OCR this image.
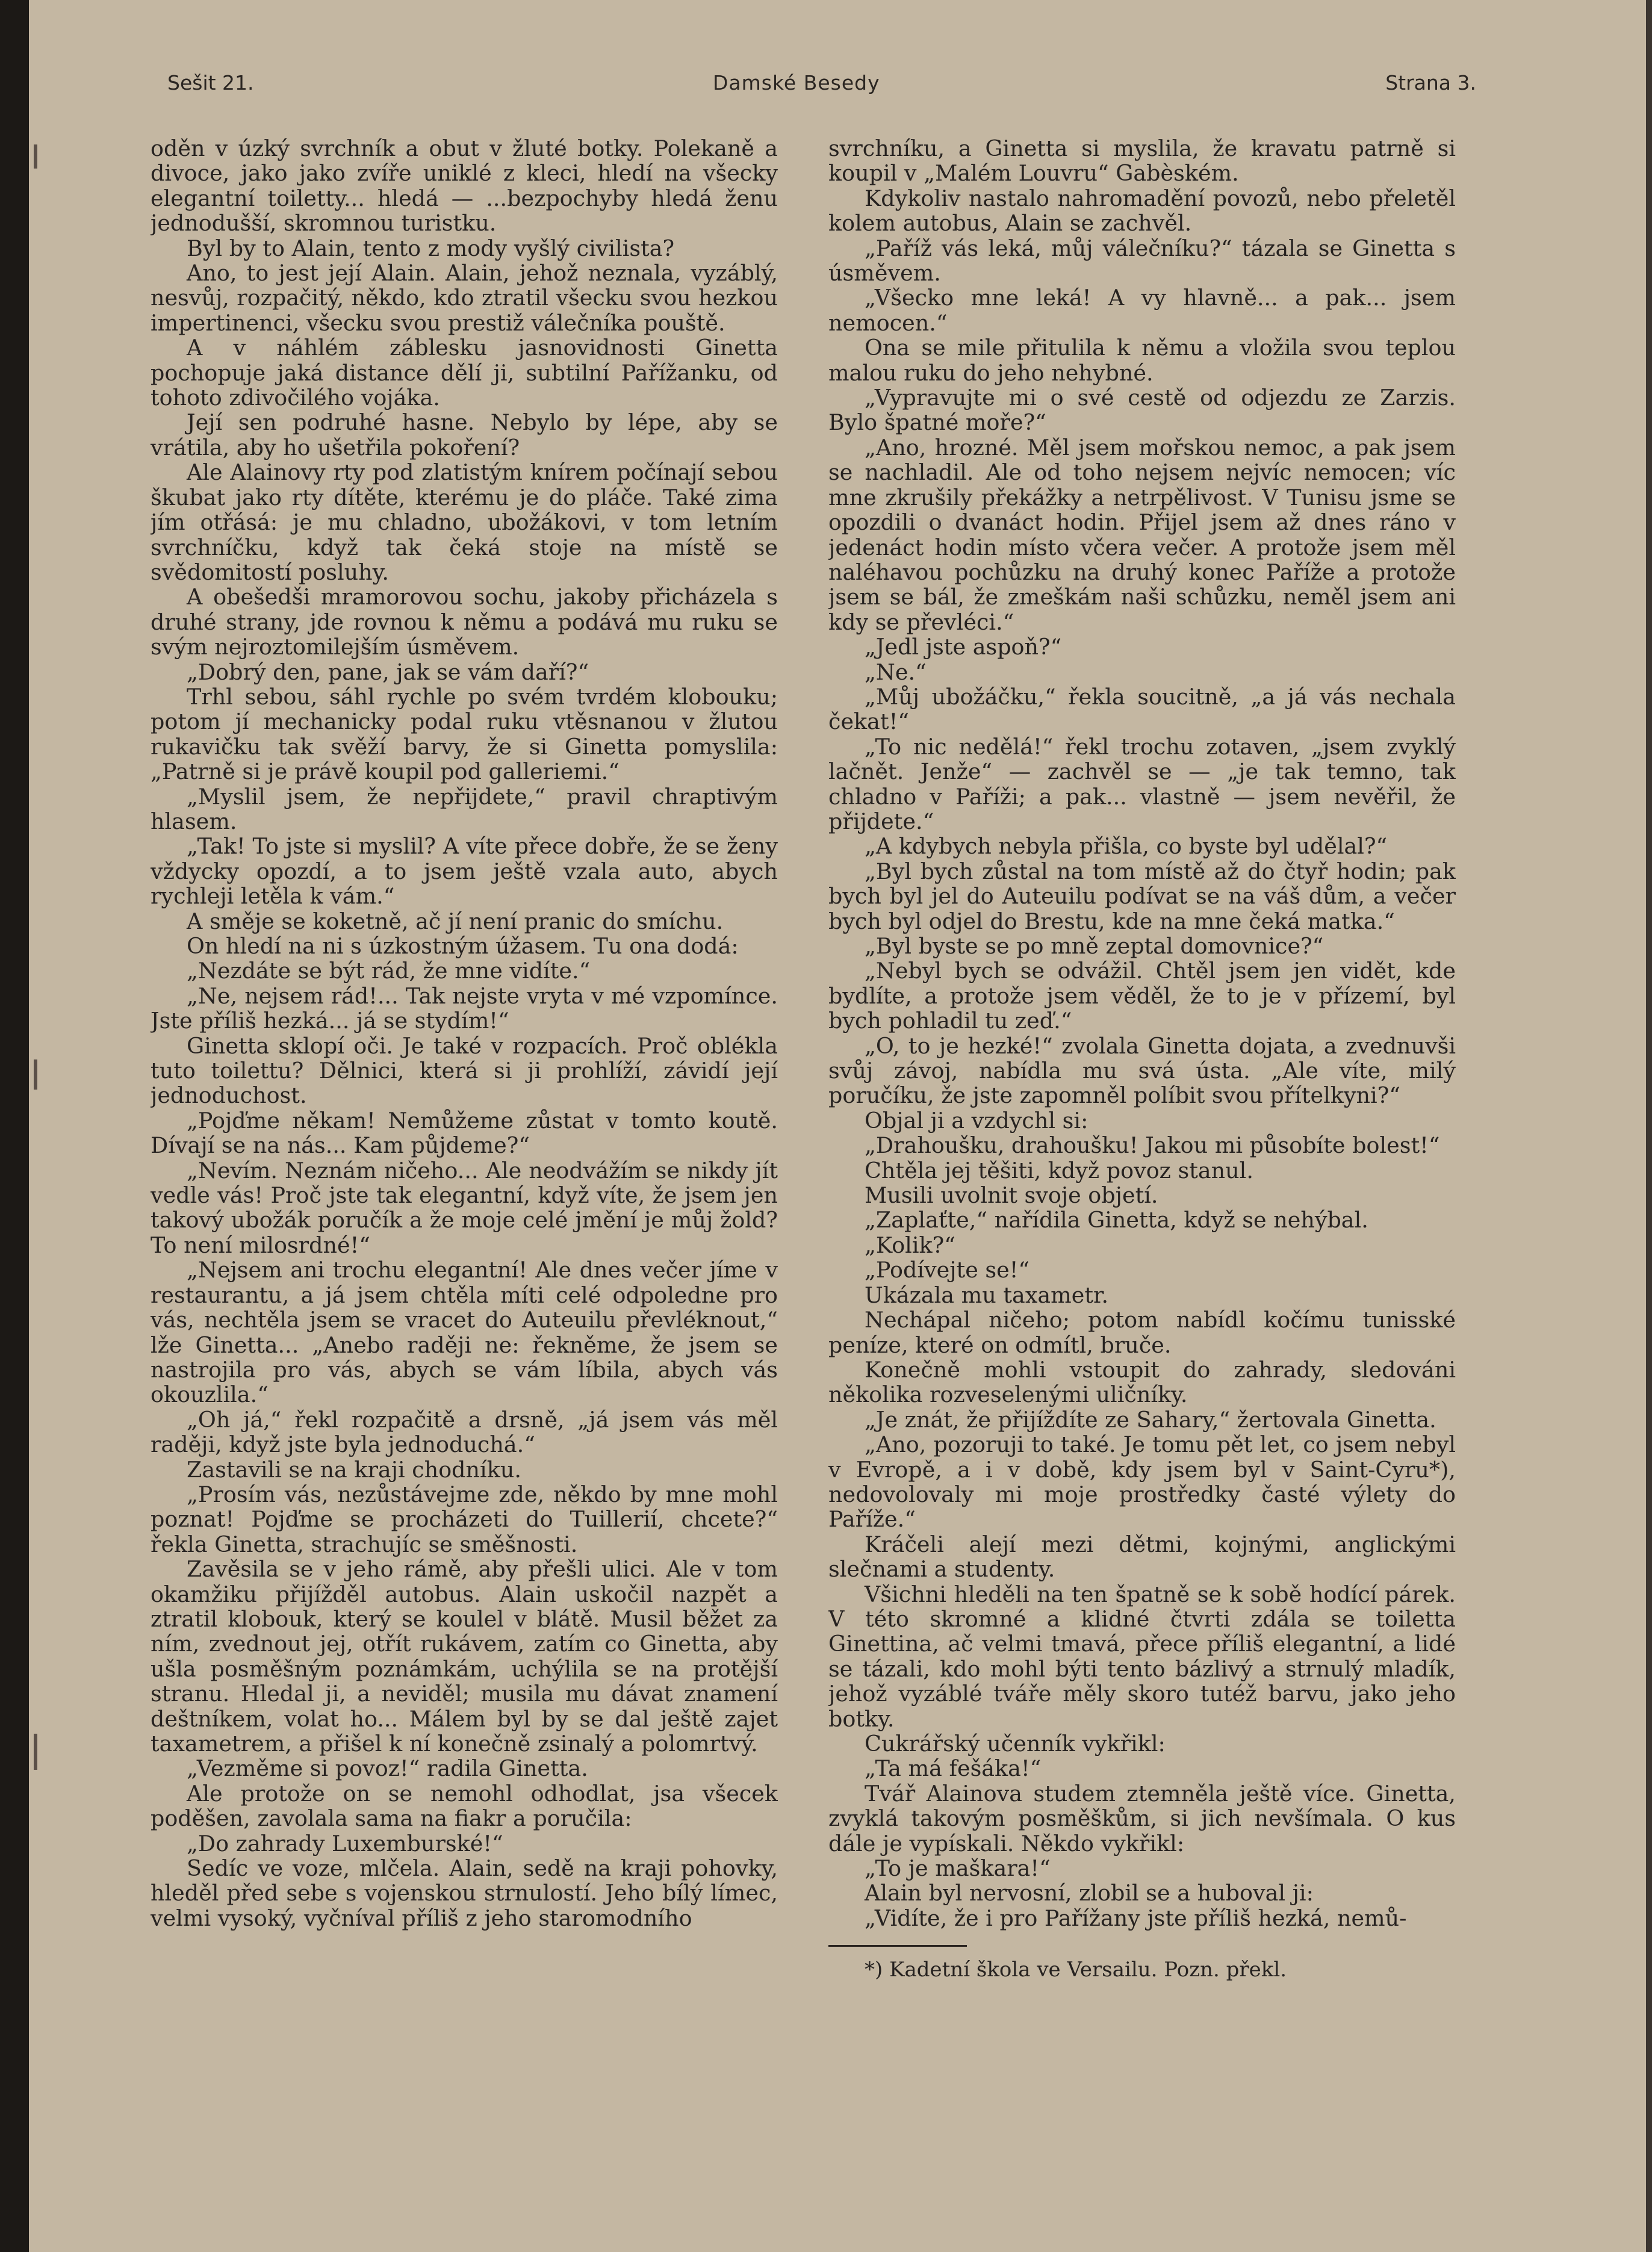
Sešit 21.	Damské Besedy	Strana 3.

oděn v úzký svrchník a obut v žluté botky. Polekaně a divoce, jako jako zvíře uniklé z kleci, hledí na všecky elegantní toiletty... hledá — ...bezpochyby hledá ženu jednodušší, skromnou turistku.

Byl by to Alain, tento z mody vyšlý civilista?

Ano, to jest její Alain. Alain, jehož neznala, vyzáblý, nesvůj, rozpačitý, někdo, kdo ztratil všecku svou hezkou impertinenci, všecku svou prestiž válečníka pouště.

A v náhlém záblesku jasnovidnosti Ginetta pochopuje jaká distance dělí ji, subtilní Pařížanku, od tohoto zdivočilého vojáka.

Její sen podruhé hasne. Nebylo by lépe, aby se vrátila, aby ho ušetřila pokoření?

Ale Alainovy rty pod zlatistým knírem počínají sebou škubat jako rty dítěte, kterému je do pláče. Také zima jím otřásá: je mu chladno, ubožákovi, v tom letním svrchníčku, když tak čeká stoje na místě se svědomitostí posluhy.

A obešedši mramorovou sochu, jakoby přicházela s druhé strany, jde rovnou k němu a podává mu ruku se svým nejroztomilejším úsměvem.

„Dobrý den, pane, jak se vám daří?“

Trhl sebou, sáhl rychle po svém tvrdém klobouku; potom jí mechanicky podal ruku vtěsnanou v žlutou rukavičku tak svěží barvy, že si Ginetta pomyslila: „Patrně si je právě koupil pod galleriemi.“

„Myslil jsem, že nepřijdete,“ pravil chraptivým hlasem.

„Tak! To jste si myslil? A víte přece dobře, že se ženy vždycky opozdí, a to jsem ještě vzala auto, abych rychleji letěla k vám.“

A směje se koketně, ač jí není pranic do smíchu.

On hledí na ni s úzkostným úžasem. Tu ona dodá:

„Nezdáte se být rád, že mne vidíte.“

„Ne, nejsem rád!... Tak nejste vryta v mé vzpomínce. Jste příliš hezká... já se stydím!“

Ginetta sklopí oči. Je také v rozpacích. Proč oblékla tuto toilettu? Dělnici, která si ji prohlíží, závidí její jednoduchost.

„Pojďme někam! Nemůžeme zůstat v tomto koutě. Dívají se na nás... Kam půjdeme?“

„Nevím. Neznám ničeho... Ale neodvážím se nikdy jít vedle vás! Proč jste tak elegantní, když víte, že jsem jen takový ubožák poručík a že moje celé jmění je můj žold? To není milosrdné!“

„Nejsem ani trochu elegantní! Ale dnes večer jíme v restaurantu, a já jsem chtěla míti celé odpoledne pro vás, nechtěla jsem se vracet do Auteuilu převléknout,“ lže Ginetta... „Anebo raději ne: řekněme, že jsem se nastrojila pro vás, abych se vám líbila, abych vás okouzlila.“

„Oh já,“ řekl rozpačitě a drsně, „já jsem vás měl raději, když jste byla jednoduchá.“

Zastavili se na kraji chodníku.

„Prosím vás, nezůstávejme zde, někdo by mne mohl poznat! Pojďme se procházeti do Tuillerií, chcete?“ řekla Ginetta, strachujíc se směšnosti.

Zavěsila se v jeho rámě, aby přešli ulici. Ale v tom okamžiku přijížděl autobus. Alain uskočil nazpět a ztratil klobouk, který se koulel v blátě. Musil běžet za ním, zvednout jej, otřít rukávem, zatím co Ginetta, aby ušla posměšným poznámkám, uchýlila se na protější stranu. Hledal ji, a neviděl; musila mu dávat znamení deštníkem, volat ho... Málem byl by se dal ještě zajet taxametrem, a přišel k ní konečně zsinalý a polomrtvý.

„Vezměme si povoz!“ radila Ginetta.

Ale protože on se nemohl odhodlat, jsa všecek poděšen, zavolala sama na fiakr a poručila:

„Do zahrady Luxemburské!“

Sedíc ve voze, mlčela. Alain, sedě na kraji pohovky, hleděl před sebe s vojenskou strnulostí. Jeho bílý límec, velmi vysoký, vyčníval příliš z jeho staromodního

svrchníku, a Ginetta si myslila, že kravatu patrně si koupil v „Malém Louvru“ Gabèském.

Kdykoliv nastalo nahromadění povozů, nebo přeletěl kolem autobus, Alain se zachvěl.

„Paříž vás leká, můj válečníku?“ tázala se Ginetta s úsměvem.

„Všecko mne leká! A vy hlavně... a pak... jsem nemocen.“

Ona se mile přitulila k němu a vložila svou teplou malou ruku do jeho nehybné.

„Vypravujte mi o své cestě od odjezdu ze Zarzis. Bylo špatné moře?“

„Ano, hrozné. Měl jsem mořskou nemoc, a pak jsem se nachladil. Ale od toho nejsem nejvíc nemocen; víc mne zkrušily překážky a netrpělivost. V Tunisu jsme se opozdili o dvanáct hodin. Přijel jsem až dnes ráno v jedenáct hodin místo včera večer. A protože jsem měl naléhavou pochůzku na druhý konec Paříže a protože jsem se bál, že zmeškám naši schůzku, neměl jsem ani kdy se převléci.“

„Jedl jste aspoň?“

„Ne.“

„Můj ubožáčku,“ řekla soucitně, „a já vás nechala čekat!“

„To nic nedělá!“ řekl trochu zotaven, „jsem zvyklý lačnět. Jenže“ — zachvěl se — „je tak temno, tak chladno v Paříži; a pak... vlastně — jsem nevěřil, že přijdete.“

„A kdybych nebyla přišla, co byste byl udělal?“

„Byl bych zůstal na tom místě až do čtyř hodin; pak bych byl jel do Auteuilu podívat se na váš dům, a večer bych byl odjel do Brestu, kde na mne čeká matka.“

„Byl byste se po mně zeptal domovnice?“

„Nebyl bych se odvážil. Chtěl jsem jen vidět, kde bydlíte, a protože jsem věděl, že to je v přízemí, byl bych pohladil tu zeď.“

„O, to je hezké!“ zvolala Ginetta dojata, a zvednuvši svůj závoj, nabídla mu svá ústa. „Ale víte, milý poručíku, že jste zapomněl políbit svou přítelkyni?“

Objal ji a vzdychl si:

„Drahoušku, drahoušku! Jakou mi působíte bolest!“

Chtěla jej těšiti, když povoz stanul.

Musili uvolnit svoje objetí.

„Zaplaťte,“ nařídila Ginetta, když se nehýbal.

„Kolik?“

„Podívejte se!“

Ukázala mu taxametr.

Nechápal ničeho; potom nabídl kočímu tunisské peníze, které on odmítl, bruče.

Konečně mohli vstoupit do zahrady, sledováni několika rozveselenými uličníky.

„Je znát, že přijíždíte ze Sahary,“ žertovala Ginetta.

„Ano, pozoruji to také. Je tomu pět let, co jsem nebyl v Evropě, a i v době, kdy jsem byl v Saint-Cyru*), nedovolovaly mi moje prostředky časté výlety do Paříže.“

Kráčeli alejí mezi dětmi, kojnými, anglickými slečnami a studenty.

Všichni hleděli na ten špatně se k sobě hodící párek. V této skromné a klidné čtvrti zdála se toiletta Ginettina, ač velmi tmavá, přece příliš elegantní, a lidé se tázali, kdo mohl býti tento bázlivý a strnulý mladík, jehož vyzáblé tváře měly skoro tutéž barvu, jako jeho botky.

Cukrářský učenník vykřikl:

„Ta má fešáka!“

Tvář Alainova studem ztemněla ještě více. Ginetta, zvyklá takovým posměškům, si jich nevšímala. O kus dále je vypískali. Někdo vykřikl:

„To je maškara!“

Alain byl nervosní, zlobil se a huboval ji:

„Vidíte, že i pro Pařížany jste příliš hezká, nemů-

*) Kadetní škola ve Versailu. Pozn. překl.
